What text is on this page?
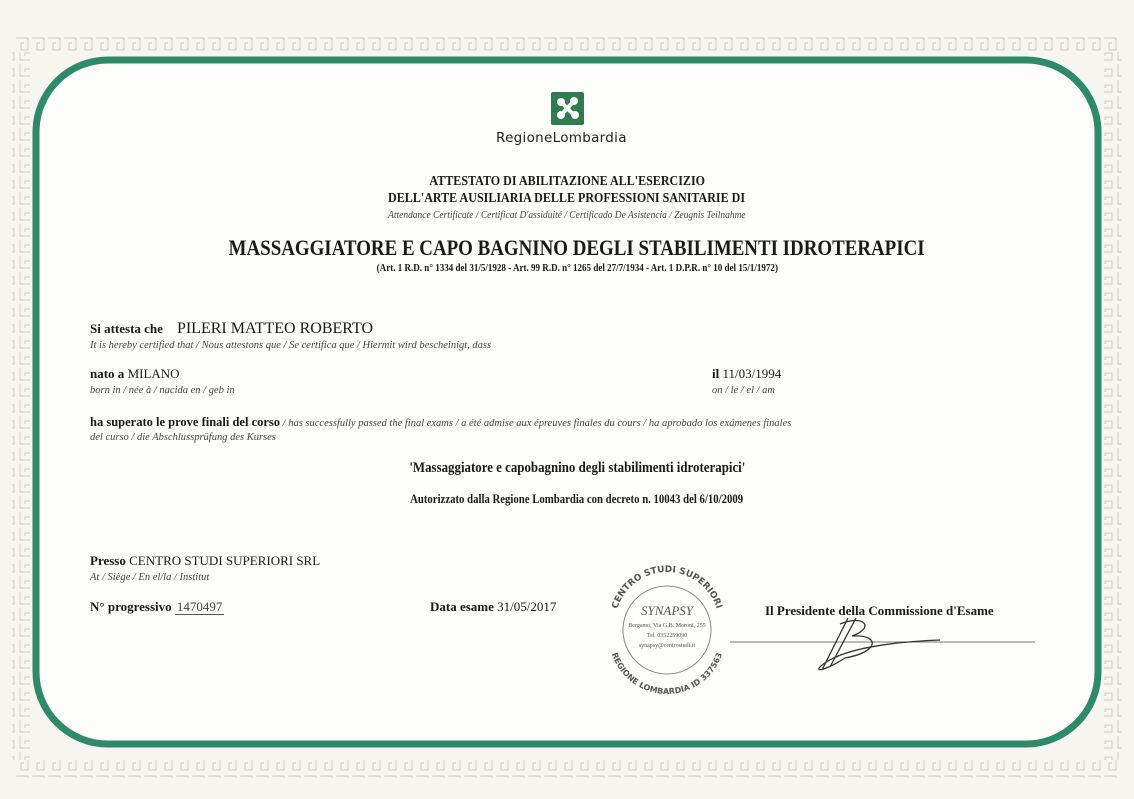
RegioneLombardia
ATTESTATO DI ABILITAZIONE ALL'ESERCIZIO
DELL'ARTE AUSILIARIA DELLE PROFESSIONI SANITARIE DI
Attendance Certificate / Certificat D'assiduité / Certificado De Asistencia / Zeugnis Teilnahme
MASSAGGIATORE E CAPO BAGNINO DEGLI STABILIMENTI IDROTERAPICI
(Art. 1 R.D. n° 1334 del 31/5/1928 - Art. 99 R.D. n° 1265 del 27/7/1934 - Art. 1 D.P.R. n° 10 del 15/1/1972)
Si attesta che PILERI MATTEO ROBERTO
It is hereby certified that / Nous attestons que / Se certifica que / Hiermit wird bescheinigt, dass
nato a MILANO
born in / née à / nacida en / geb in
il 11/03/1994
on / le / el / am
ha superato le prove finali del corso / has successfully passed the final exams / a été admise aux épreuves finales du cours / ha aprobado los exámenes finales
del curso / die Abschlussprüfung des Kurses
'Massaggiatore e capobagnino degli stabilimenti idroterapici'
Autorizzato dalla Regione Lombardia con decreto n. 10043 del 6/10/2009
Presso CENTRO STUDI SUPERIORI SRL
At / Siège / En el/la / Institut
N° progressivo 1470497	Data esame 31/05/2017	Il Presidente della Commissione d'Esame
CENTRO STUDI SUPERIORI
REGIONE LOMBARDIA ID 337563
SYNAPSY
Bergamo, Via G.B. Moroni, 255
Tel. 0352259090
synapsy@centrostudi.it
